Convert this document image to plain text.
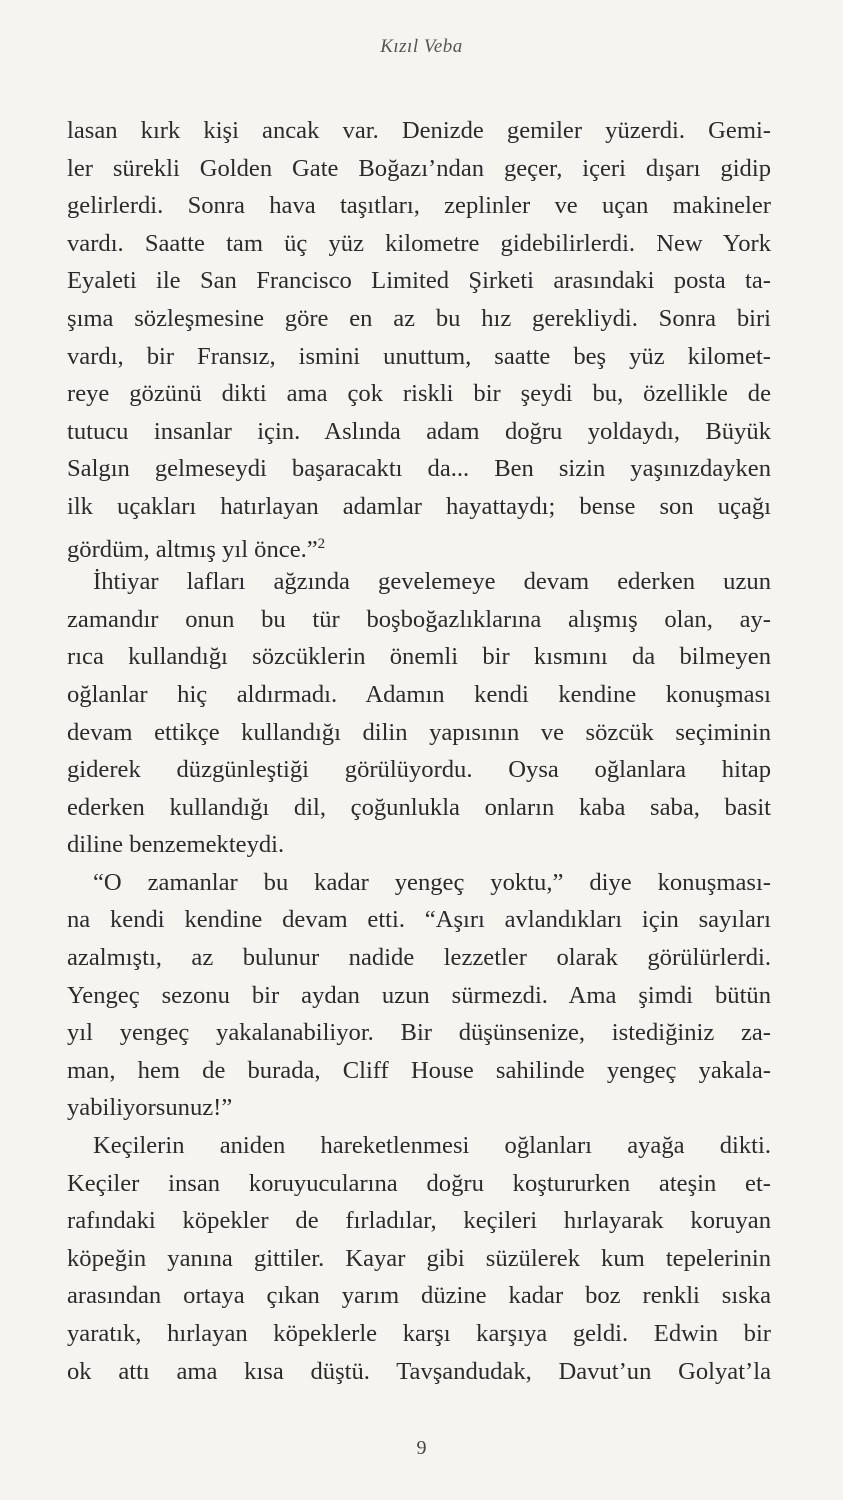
Kızıl Veba
lasan kırk kişi ancak var. Denizde gemiler yüzerdi. Gemi-
ler sürekli Golden Gate Boğazı’ndan geçer, içeri dışarı gidip
gelirlerdi. Sonra hava taşıtları, zeplinler ve uçan makineler
vardı. Saatte tam üç yüz kilometre gidebilirlerdi. New York
Eyaleti ile San Francisco Limited Şirketi arasındaki posta ta-
şıma sözleşmesine göre en az bu hız gerekliydi. Sonra biri
vardı, bir Fransız, ismini unuttum, saatte beş yüz kilomet-
reye gözünü dikti ama çok riskli bir şeydi bu, özellikle de
tutucu insanlar için. Aslında adam doğru yoldaydı, Büyük
Salgın gelmeseydi başaracaktı da... Ben sizin yaşınızdayken
ilk uçakları hatırlayan adamlar hayattaydı; bense son uçağı
gördüm, altmış yıl önce.”$^2$
İhtiyar lafları ağzında gevelemeye devam ederken uzun
zamandır onun bu tür boşboğazlıklarına alışmış olan, ay-
rıca kullandığı sözcüklerin önemli bir kısmını da bilmeyen
oğlanlar hiç aldırmadı. Adamın kendi kendine konuşması
devam ettikçe kullandığı dilin yapısının ve sözcük seçiminin
giderek düzgünleştiği görülüyordu. Oysa oğlanlara hitap
ederken kullandığı dil, çoğunlukla onların kaba saba, basit
diline benzemekteydi.
“O zamanlar bu kadar yengeç yoktu,” diye konuşması-
na kendi kendine devam etti. “Aşırı avlandıkları için sayıları
azalmıştı, az bulunur nadide lezzetler olarak görülürlerdi.
Yengeç sezonu bir aydan uzun sürmezdi. Ama şimdi bütün
yıl yengeç yakalanabiliyor. Bir düşünsenize, istediğiniz za-
man, hem de burada, Cliff House sahilinde yengeç yakala-
yabiliyorsunuz!”
Keçilerin aniden hareketlenmesi oğlanları ayağa dikti.
Keçiler insan koruyucularına doğru koştururken ateşin et-
rafındaki köpekler de fırladılar, keçileri hırlayarak koruyan
köpeğin yanına gittiler. Kayar gibi süzülerek kum tepelerinin
arasından ortaya çıkan yarım düzine kadar boz renkli sıska
yaratık, hırlayan köpeklerle karşı karşıya geldi. Edwin bir
ok attı ama kısa düştü. Tavşandudak, Davut’un Golyat’la
9
